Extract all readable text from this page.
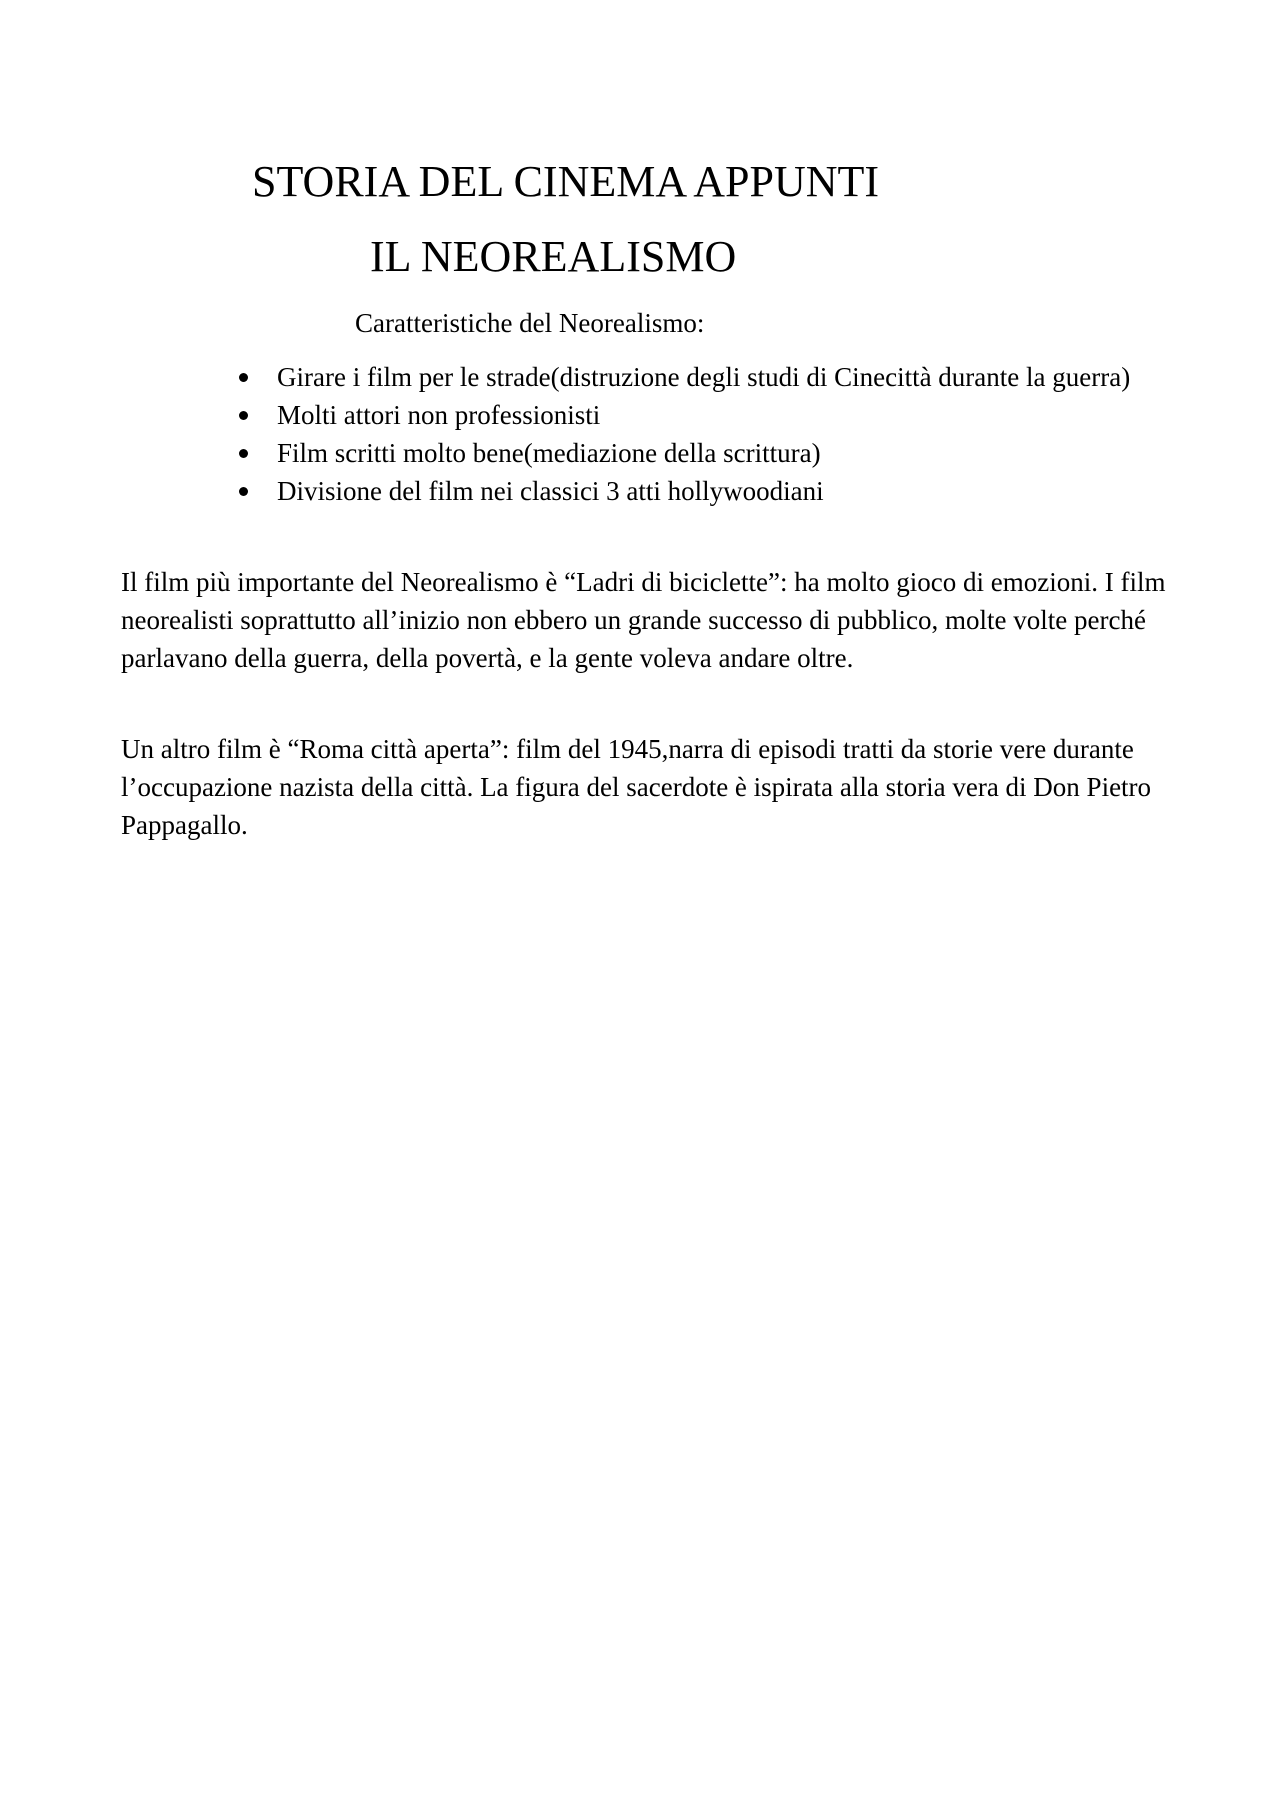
STORIA DEL CINEMA APPUNTI
IL NEOREALISMO
Caratteristiche del Neorealismo:
Girare i film per le strade(distruzione degli studi di Cinecittà durante la guerra)
Molti attori non professionisti
Film scritti molto bene(mediazione della scrittura)
Divisione del film nei classici 3 atti hollywoodiani

Il film più importante del Neorealismo è “Ladri di biciclette”: ha molto gioco di emozioni. I film neorealisti soprattutto all’inizio non ebbero un grande successo di pubblico, molte volte perché parlavano della guerra, della povertà, e la gente voleva andare oltre.

Un altro film è “Roma città aperta”: film del 1945,narra di episodi tratti da storie vere durante l’occupazione nazista della città. La figura del sacerdote è ispirata alla storia vera di Don Pietro Pappagallo.
